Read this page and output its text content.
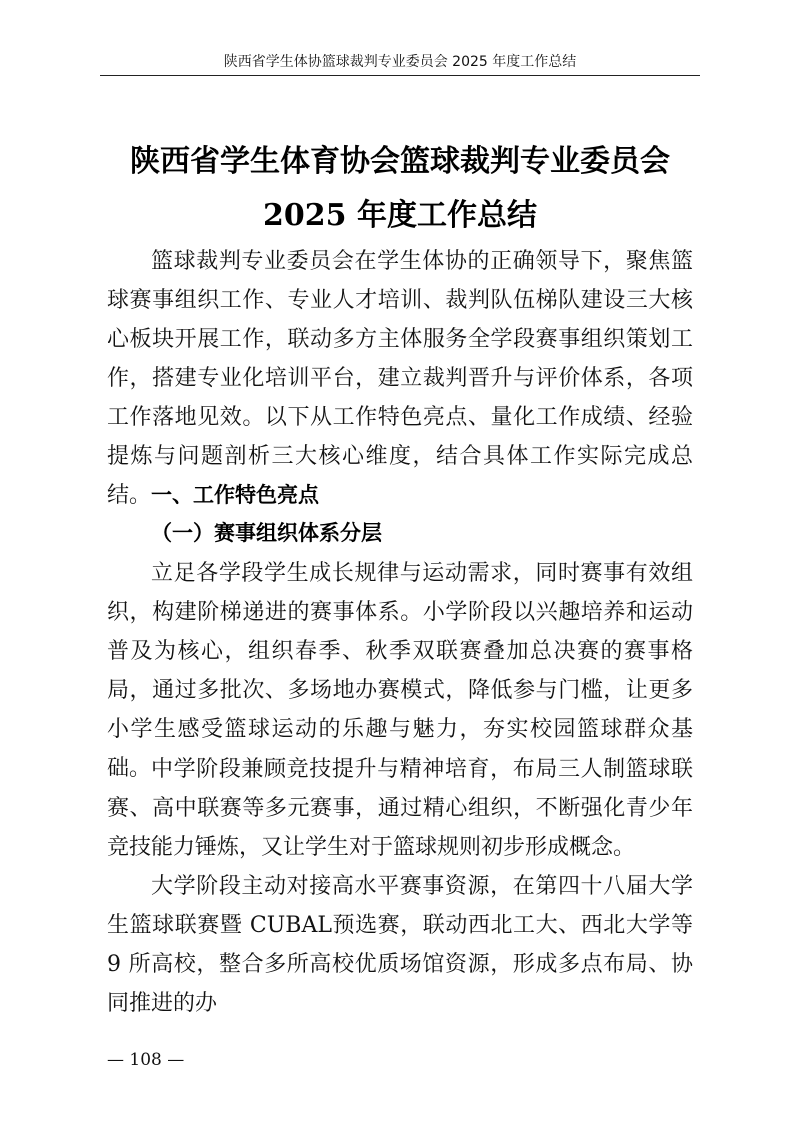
陕西省学生体协篮球裁判专业委员会 2025 年度工作总结
陕西省学生体育协会篮球裁判专业委员会
2025 年度工作总结

篮球裁判专业委员会在学生体协的正确领导下，聚焦篮球赛事组织工作、专业人才培训、裁判队伍梯队建设三大核心板块开展工作，联动多方主体服务全学段赛事组织策划工作，搭建专业化培训平台，建立裁判晋升与评价体系，各项工作落地见效。以下从工作特色亮点、量化工作成绩、经验提炼与问题剖析三大核心维度，结合具体工作实际完成总结。 一、工作特色亮点
（一）赛事组织体系分层

立足各学段学生成长规律与运动需求，同时赛事有效组织，构建阶梯递进的赛事体系。小学阶段以兴趣培养和运动普及为核心，组织春季、秋季双联赛叠加总决赛的赛事格局，通过多批次、多场地办赛模式，降低参与门槛，让更多小学生感受篮球运动的乐趣与魅力，夯实校园篮球群众基础。 中学阶段兼顾竞技提升与精神培育，布局三人制篮球联赛、高中联赛等多元赛事，通过精心组织，不断强化青少年竞技能力锤炼，又让学生对于篮球规则初步形成概念。

大学阶段主动对接高水平赛事资源，在第四十八届大学生篮球联赛暨 CUBAL预选赛，联动西北工大、西北大学等 9 所高校，整合多所高校优质场馆资源，形成多点布局、协同推进的办

— 108 —
